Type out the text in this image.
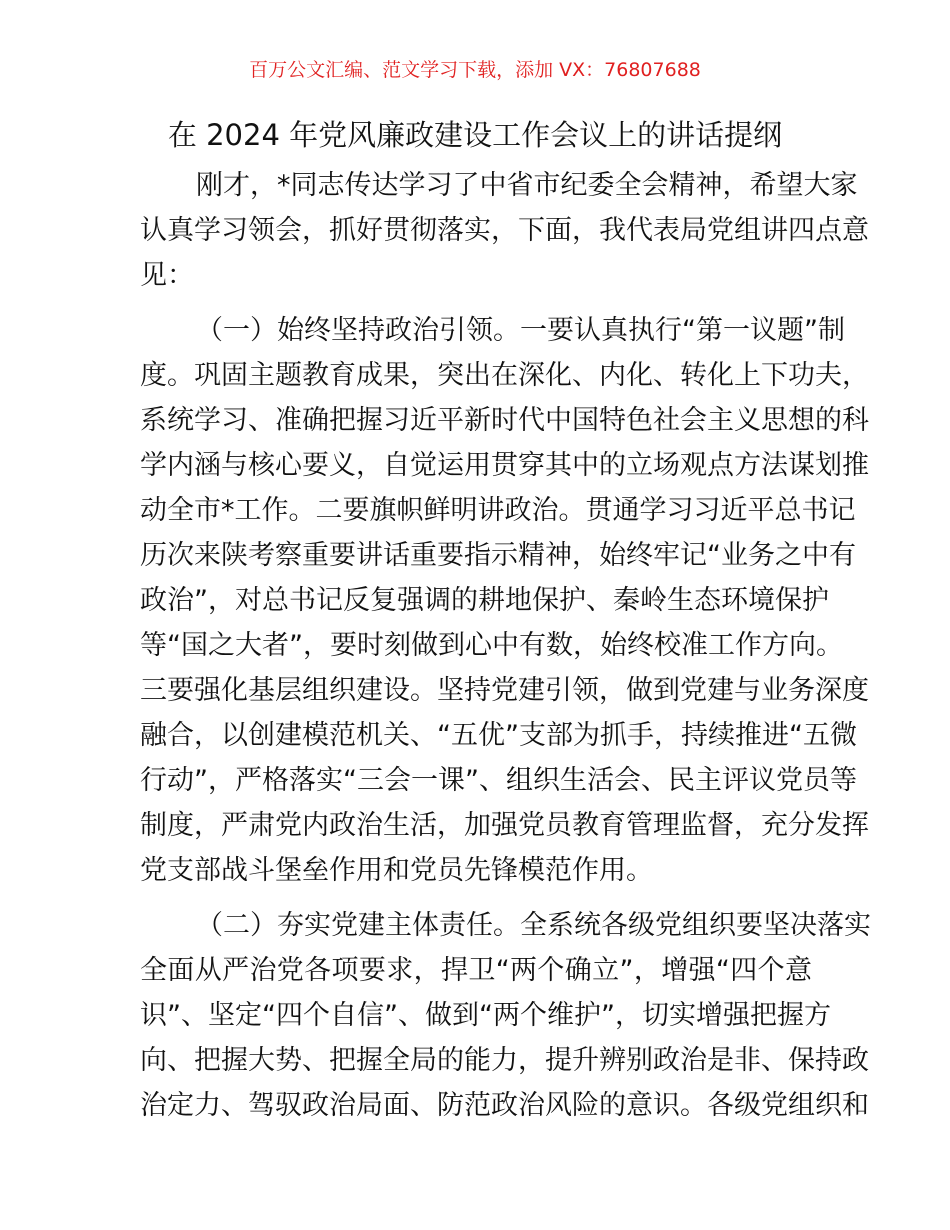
百万公文汇编、范文学习下载，添加 VX：76807688
在 2024 年党风廉政建设工作会议上的讲话提纲
刚才，*同志传达学习了中省市纪委全会精神，希望大家
认真学习领会，抓好贯彻落实，下面，我代表局党组讲四点意
见：
（一）始终坚持政治引领。一要认真执行“第一议题”制
度。巩固主题教育成果，突出在深化、内化、转化上下功夫，
系统学习、准确把握习近平新时代中国特色社会主义思想的科
学内涵与核心要义，自觉运用贯穿其中的立场观点方法谋划推
动全市*工作。二要旗帜鲜明讲政治。贯通学习习近平总书记
历次来陕考察重要讲话重要指示精神，始终牢记“业务之中有
政治”，对总书记反复强调的耕地保护、秦岭生态环境保护
等“国之大者”，要时刻做到心中有数，始终校准工作方向。
三要强化基层组织建设。坚持党建引领，做到党建与业务深度
融合，以创建模范机关、“五优”支部为抓手，持续推进“五微
行动”，严格落实“三会一课”、组织生活会、民主评议党员等
制度，严肃党内政治生活，加强党员教育管理监督，充分发挥
党支部战斗堡垒作用和党员先锋模范作用。
（二）夯实党建主体责任。全系统各级党组织要坚决落实
全面从严治党各项要求，捍卫“两个确立”，增强“四个意
识”、坚定“四个自信”、做到“两个维护”，切实增强把握方
向、把握大势、把握全局的能力，提升辨别政治是非、保持政
治定力、驾驭政治局面、防范政治风险的意识。各级党组织和
